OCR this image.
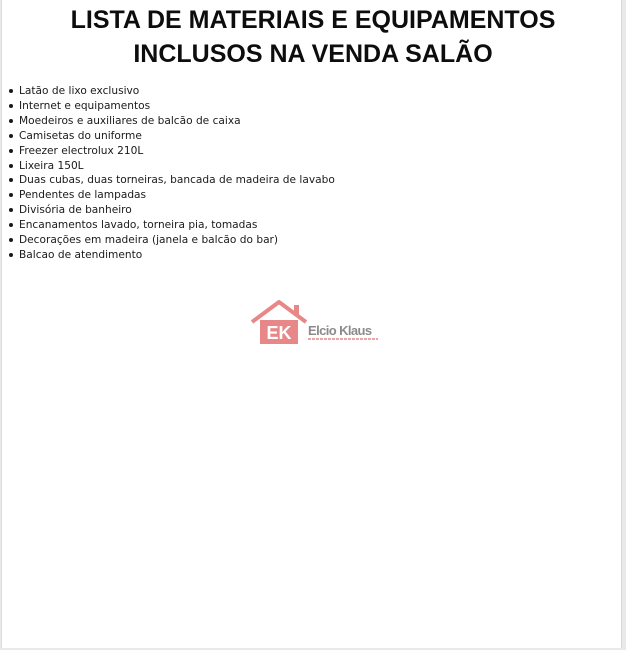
LISTA DE MATERIAIS E EQUIPAMENTOS
INCLUSOS NA VENDA SALÃO
Latão de lixo exclusivo
Internet e equipamentos
Moedeiros e auxiliares de balcão de caixa
Camisetas do uniforme
Freezer electrolux 210L
Lixeira 150L
Duas cubas, duas torneiras, bancada de madeira de lavabo
Pendentes de lampadas
Divisória de banheiro
Encanamentos lavado, torneira pia, tomadas
Decorações em madeira (janela e balcão do bar)
Balcao de atendimento
EK Elcio Klaus
